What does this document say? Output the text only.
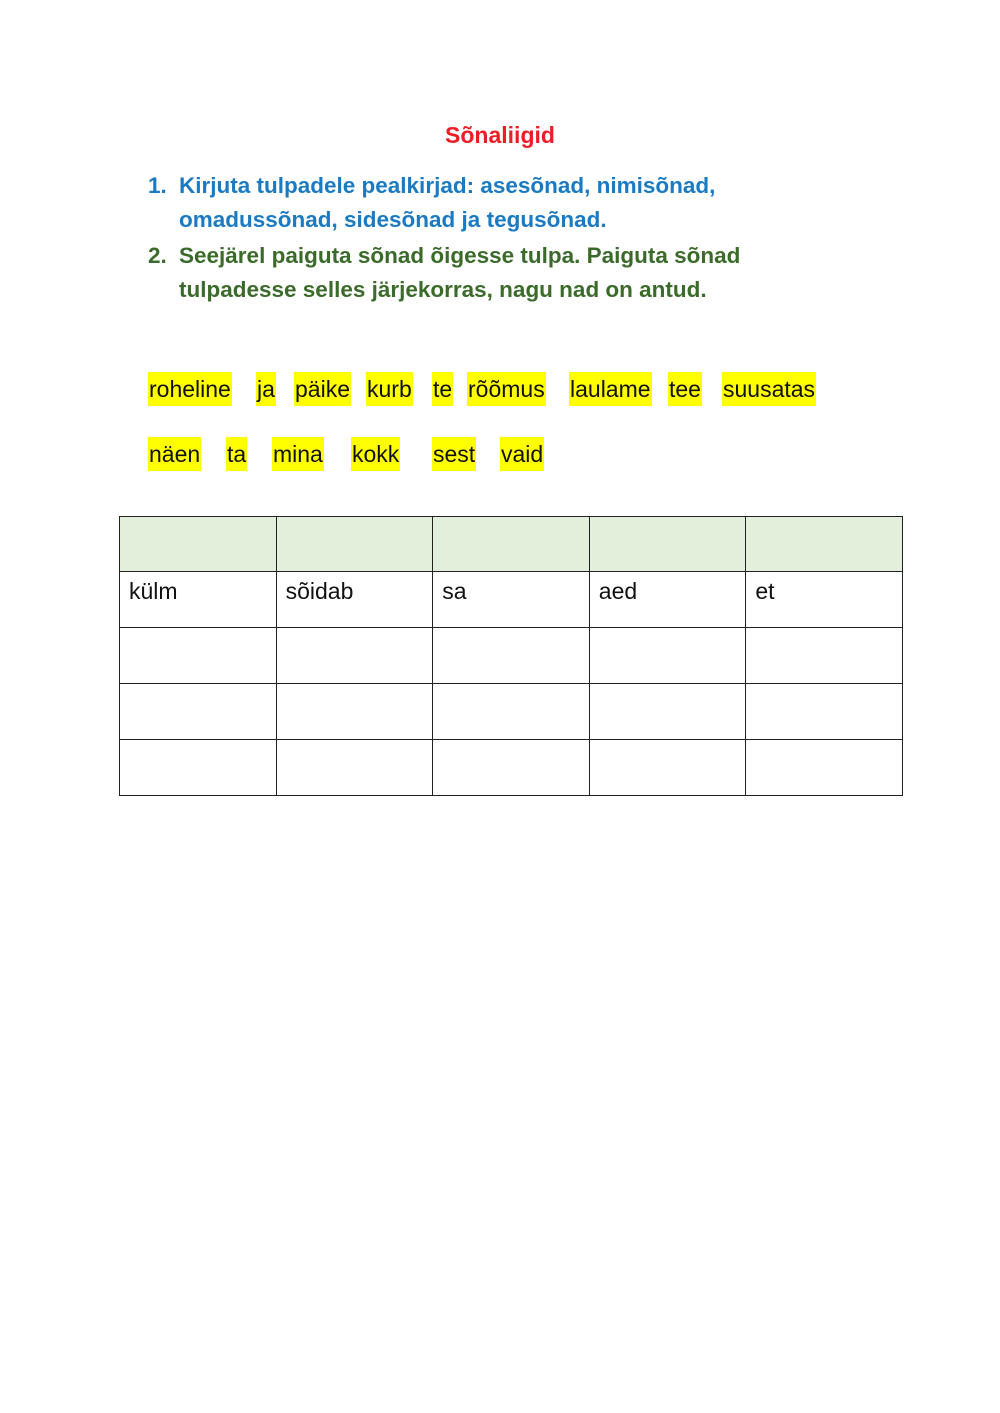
Sõnaliigid
1. Kirjuta tulpadele pealkirjad: asesõnad, nimisõnad, omadussõnad, sidesõnad ja tegusõnad.
2. Seejärel paiguta sõnad õigesse tulpa. Paiguta sõnad tulpadesse selles järjekorras, nagu nad on antud.
roheline ja päike kurb te rõõmus laulame tee suusatas
näen ta mina kokk sest vaid

külm	sõidab	sa	aed	et
